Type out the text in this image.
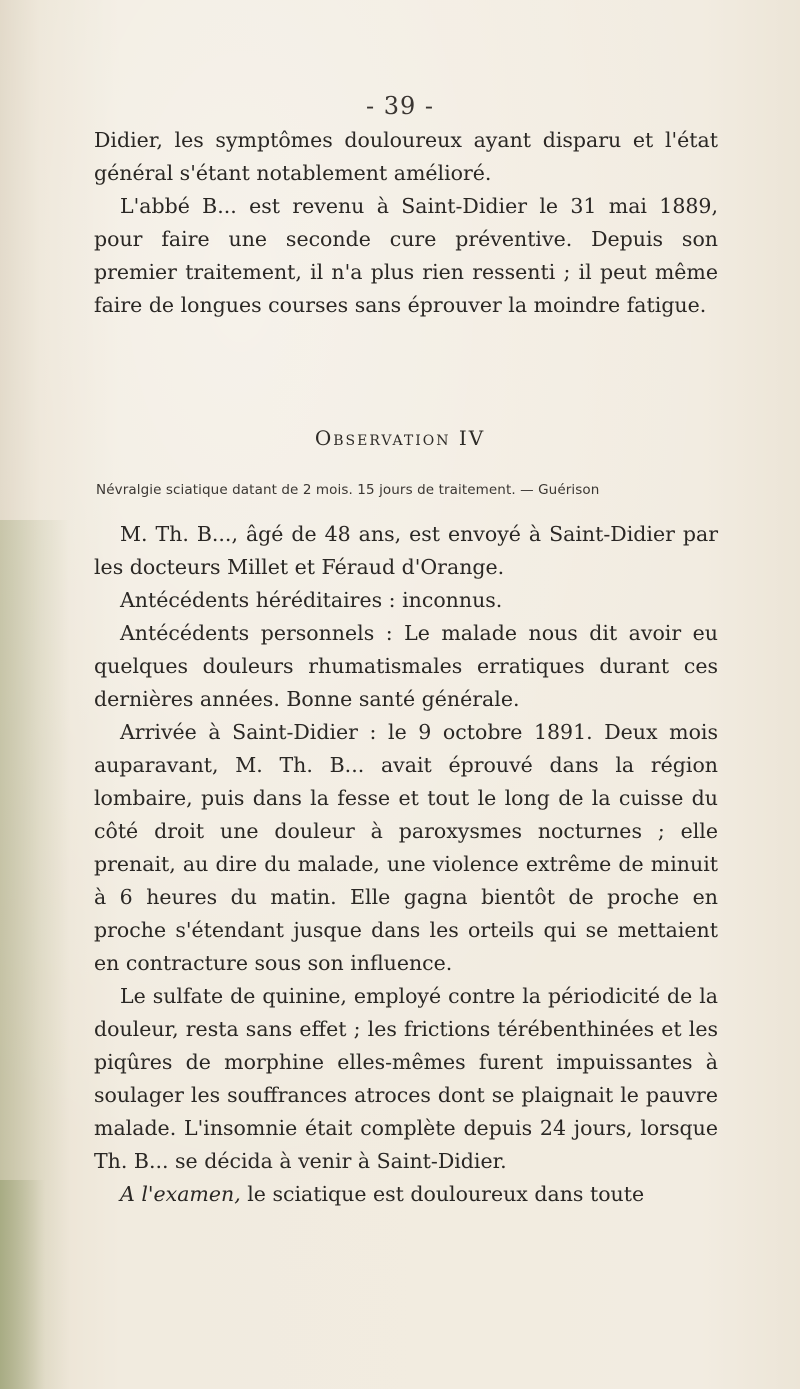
- 39 -

Didier, les symptômes douloureux ayant disparu et l'état général s'étant notablement amélioré.

L'abbé B... est revenu à Saint-Didier le 31 mai 1889, pour faire une seconde cure préventive. Depuis son premier traitement, il n'a plus rien ressenti ; il peut même faire de longues courses sans éprouver la moindre fatigue.

Observation IV
Névralgie sciatique datant de 2 mois. 15 jours de traitement. — Guérison

M. Th. B..., âgé de 48 ans, est envoyé à Saint-Didier par les docteurs Millet et Féraud d'Orange.

Antécédents héréditaires : inconnus.

Antécédents personnels : Le malade nous dit avoir eu quelques douleurs rhumatismales erratiques durant ces dernières années. Bonne santé générale.

Arrivée à Saint-Didier : le 9 octobre 1891. Deux mois auparavant, M. Th. B... avait éprouvé dans la région lombaire, puis dans la fesse et tout le long de la cuisse du côté droit une douleur à paroxysmes nocturnes ; elle prenait, au dire du malade, une violence extrême de minuit à 6 heures du matin. Elle gagna bientôt de proche en proche s'étendant jusque dans les orteils qui se mettaient en contracture sous son influence.

Le sulfate de quinine, employé contre la périodicité de la douleur, resta sans effet ; les frictions térébenthinées et les piqûres de morphine elles-mêmes furent impuissantes à soulager les souffrances atroces dont se plaignait le pauvre malade. L'insomnie était complète depuis 24 jours, lorsque Th. B... se décida à venir à Saint-Didier.

A l'examen, le sciatique est douloureux dans toute
